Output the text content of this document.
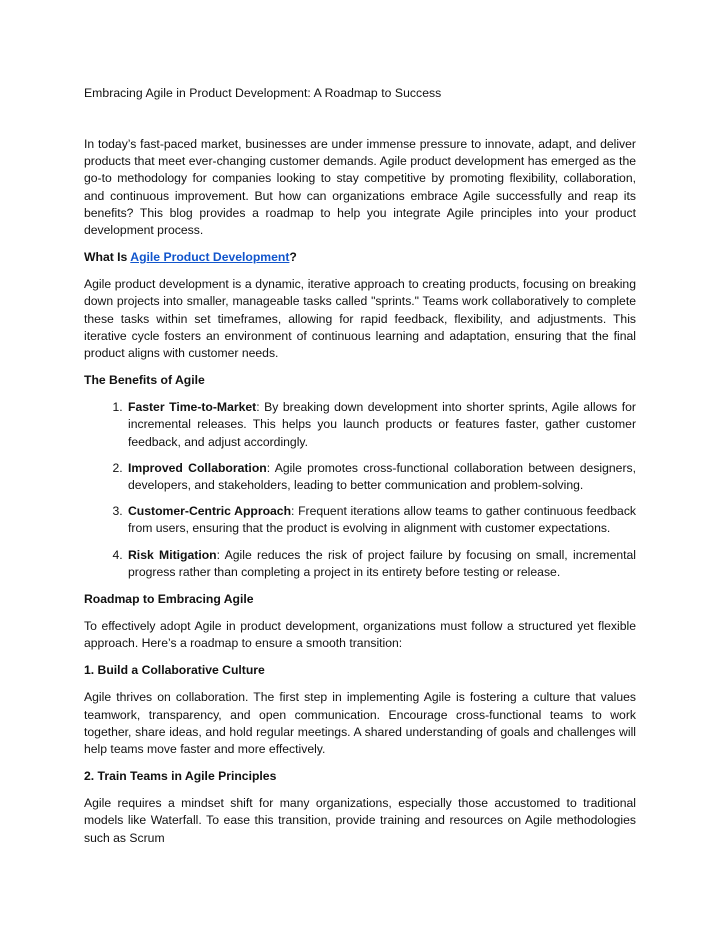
Embracing Agile in Product Development: A Roadmap to Success

In today’s fast-paced market, businesses are under immense pressure to innovate, adapt, and deliver products that meet ever-changing customer demands. Agile product development has emerged as the go-to methodology for companies looking to stay competitive by promoting flexibility, collaboration, and continuous improvement. But how can organizations embrace Agile successfully and reap its benefits? This blog provides a roadmap to help you integrate Agile principles into your product development process.

What Is Agile Product Development?

Agile product development is a dynamic, iterative approach to creating products, focusing on breaking down projects into smaller, manageable tasks called "sprints." Teams work collaboratively to complete these tasks within set timeframes, allowing for rapid feedback, flexibility, and adjustments. This iterative cycle fosters an environment of continuous learning and adaptation, ensuring that the final product aligns with customer needs.

The Benefits of Agile
1. Faster Time-to-Market: By breaking down development into shorter sprints, Agile allows for incremental releases. This helps you launch products or features faster, gather customer feedback, and adjust accordingly.
2. Improved Collaboration: Agile promotes cross-functional collaboration between designers, developers, and stakeholders, leading to better communication and problem-solving.
3. Customer-Centric Approach: Frequent iterations allow teams to gather continuous feedback from users, ensuring that the product is evolving in alignment with customer expectations.
4. Risk Mitigation: Agile reduces the risk of project failure by focusing on small, incremental progress rather than completing a project in its entirety before testing or release.
Roadmap to Embracing Agile

To effectively adopt Agile in product development, organizations must follow a structured yet flexible approach. Here’s a roadmap to ensure a smooth transition:

1. Build a Collaborative Culture

Agile thrives on collaboration. The first step in implementing Agile is fostering a culture that values teamwork, transparency, and open communication. Encourage cross-functional teams to work together, share ideas, and hold regular meetings. A shared understanding of goals and challenges will help teams move faster and more effectively.

2. Train Teams in Agile Principles

Agile requires a mindset shift for many organizations, especially those accustomed to traditional models like Waterfall. To ease this transition, provide training and resources on Agile methodologies such as Scrum
